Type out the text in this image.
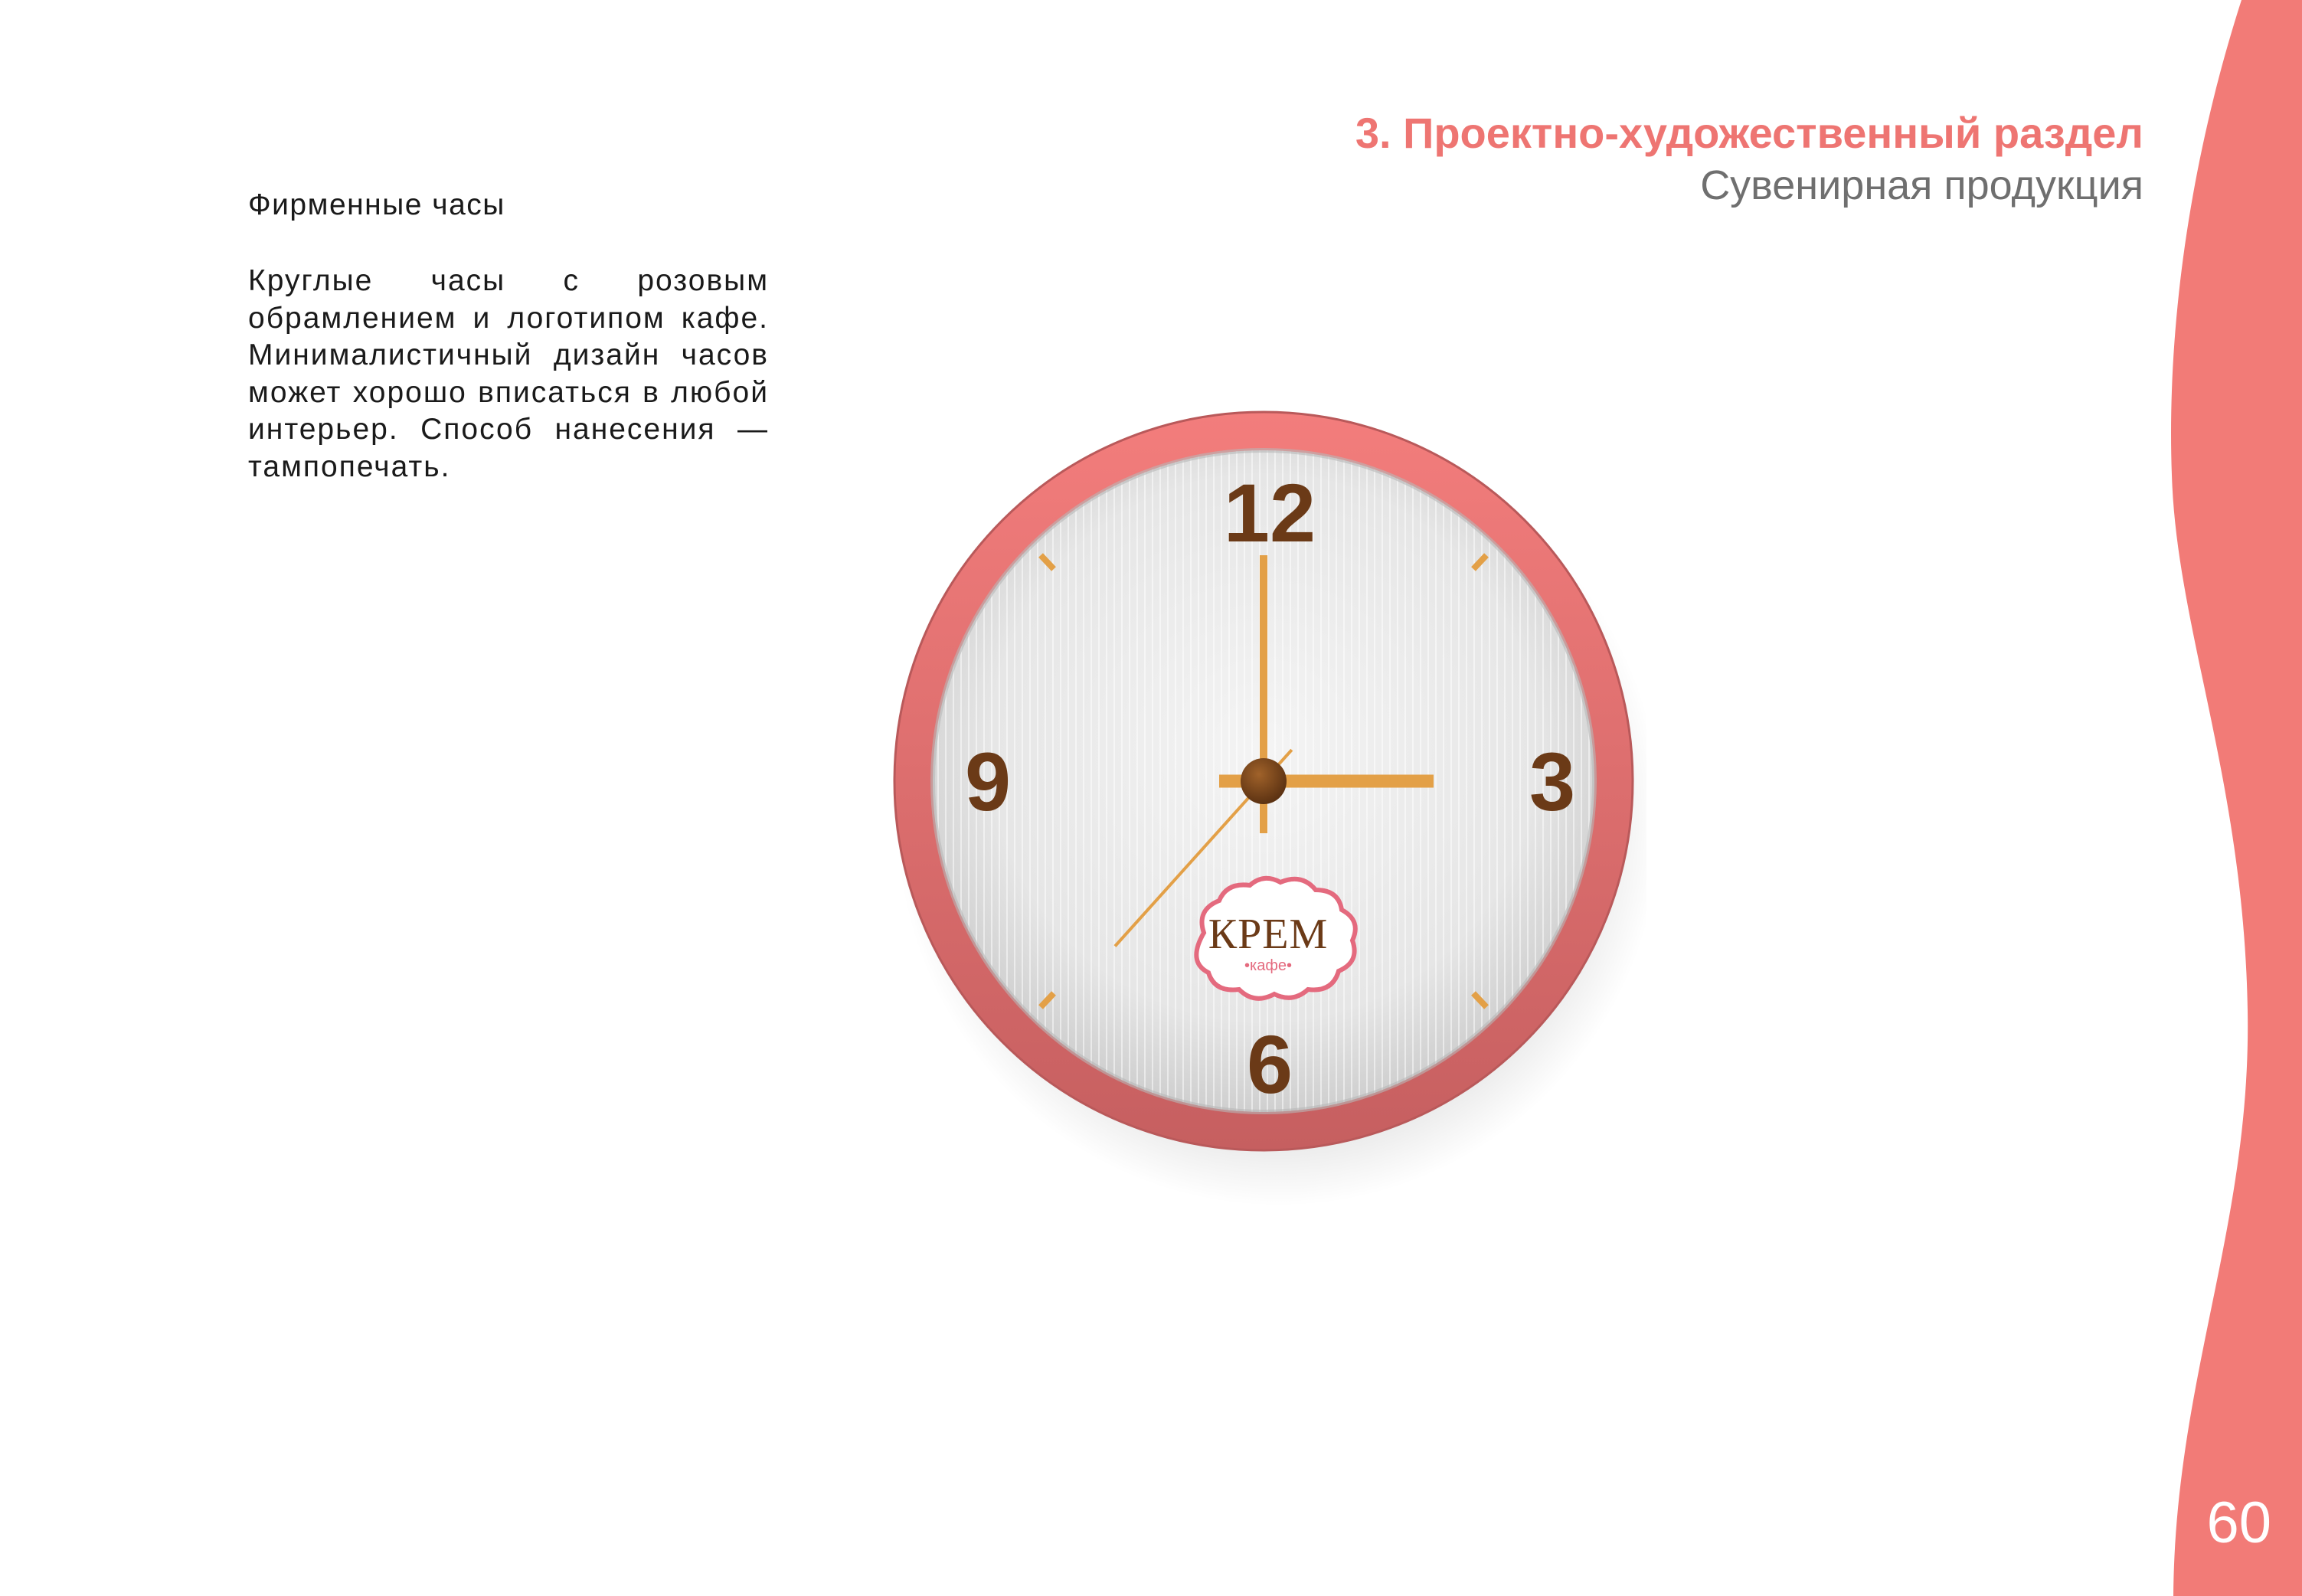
3. Проектно-художественный раздел
Сувенирная продукция
Фирменные часы
Круглые часы с розовым обрамлением и логотипом кафе. Минималистичный дизайн часов может хорошо вписаться в любой интерьер. Способ нанесения — тампопечать.	12
3
6
9
КРЕМ
•кафе•
60
